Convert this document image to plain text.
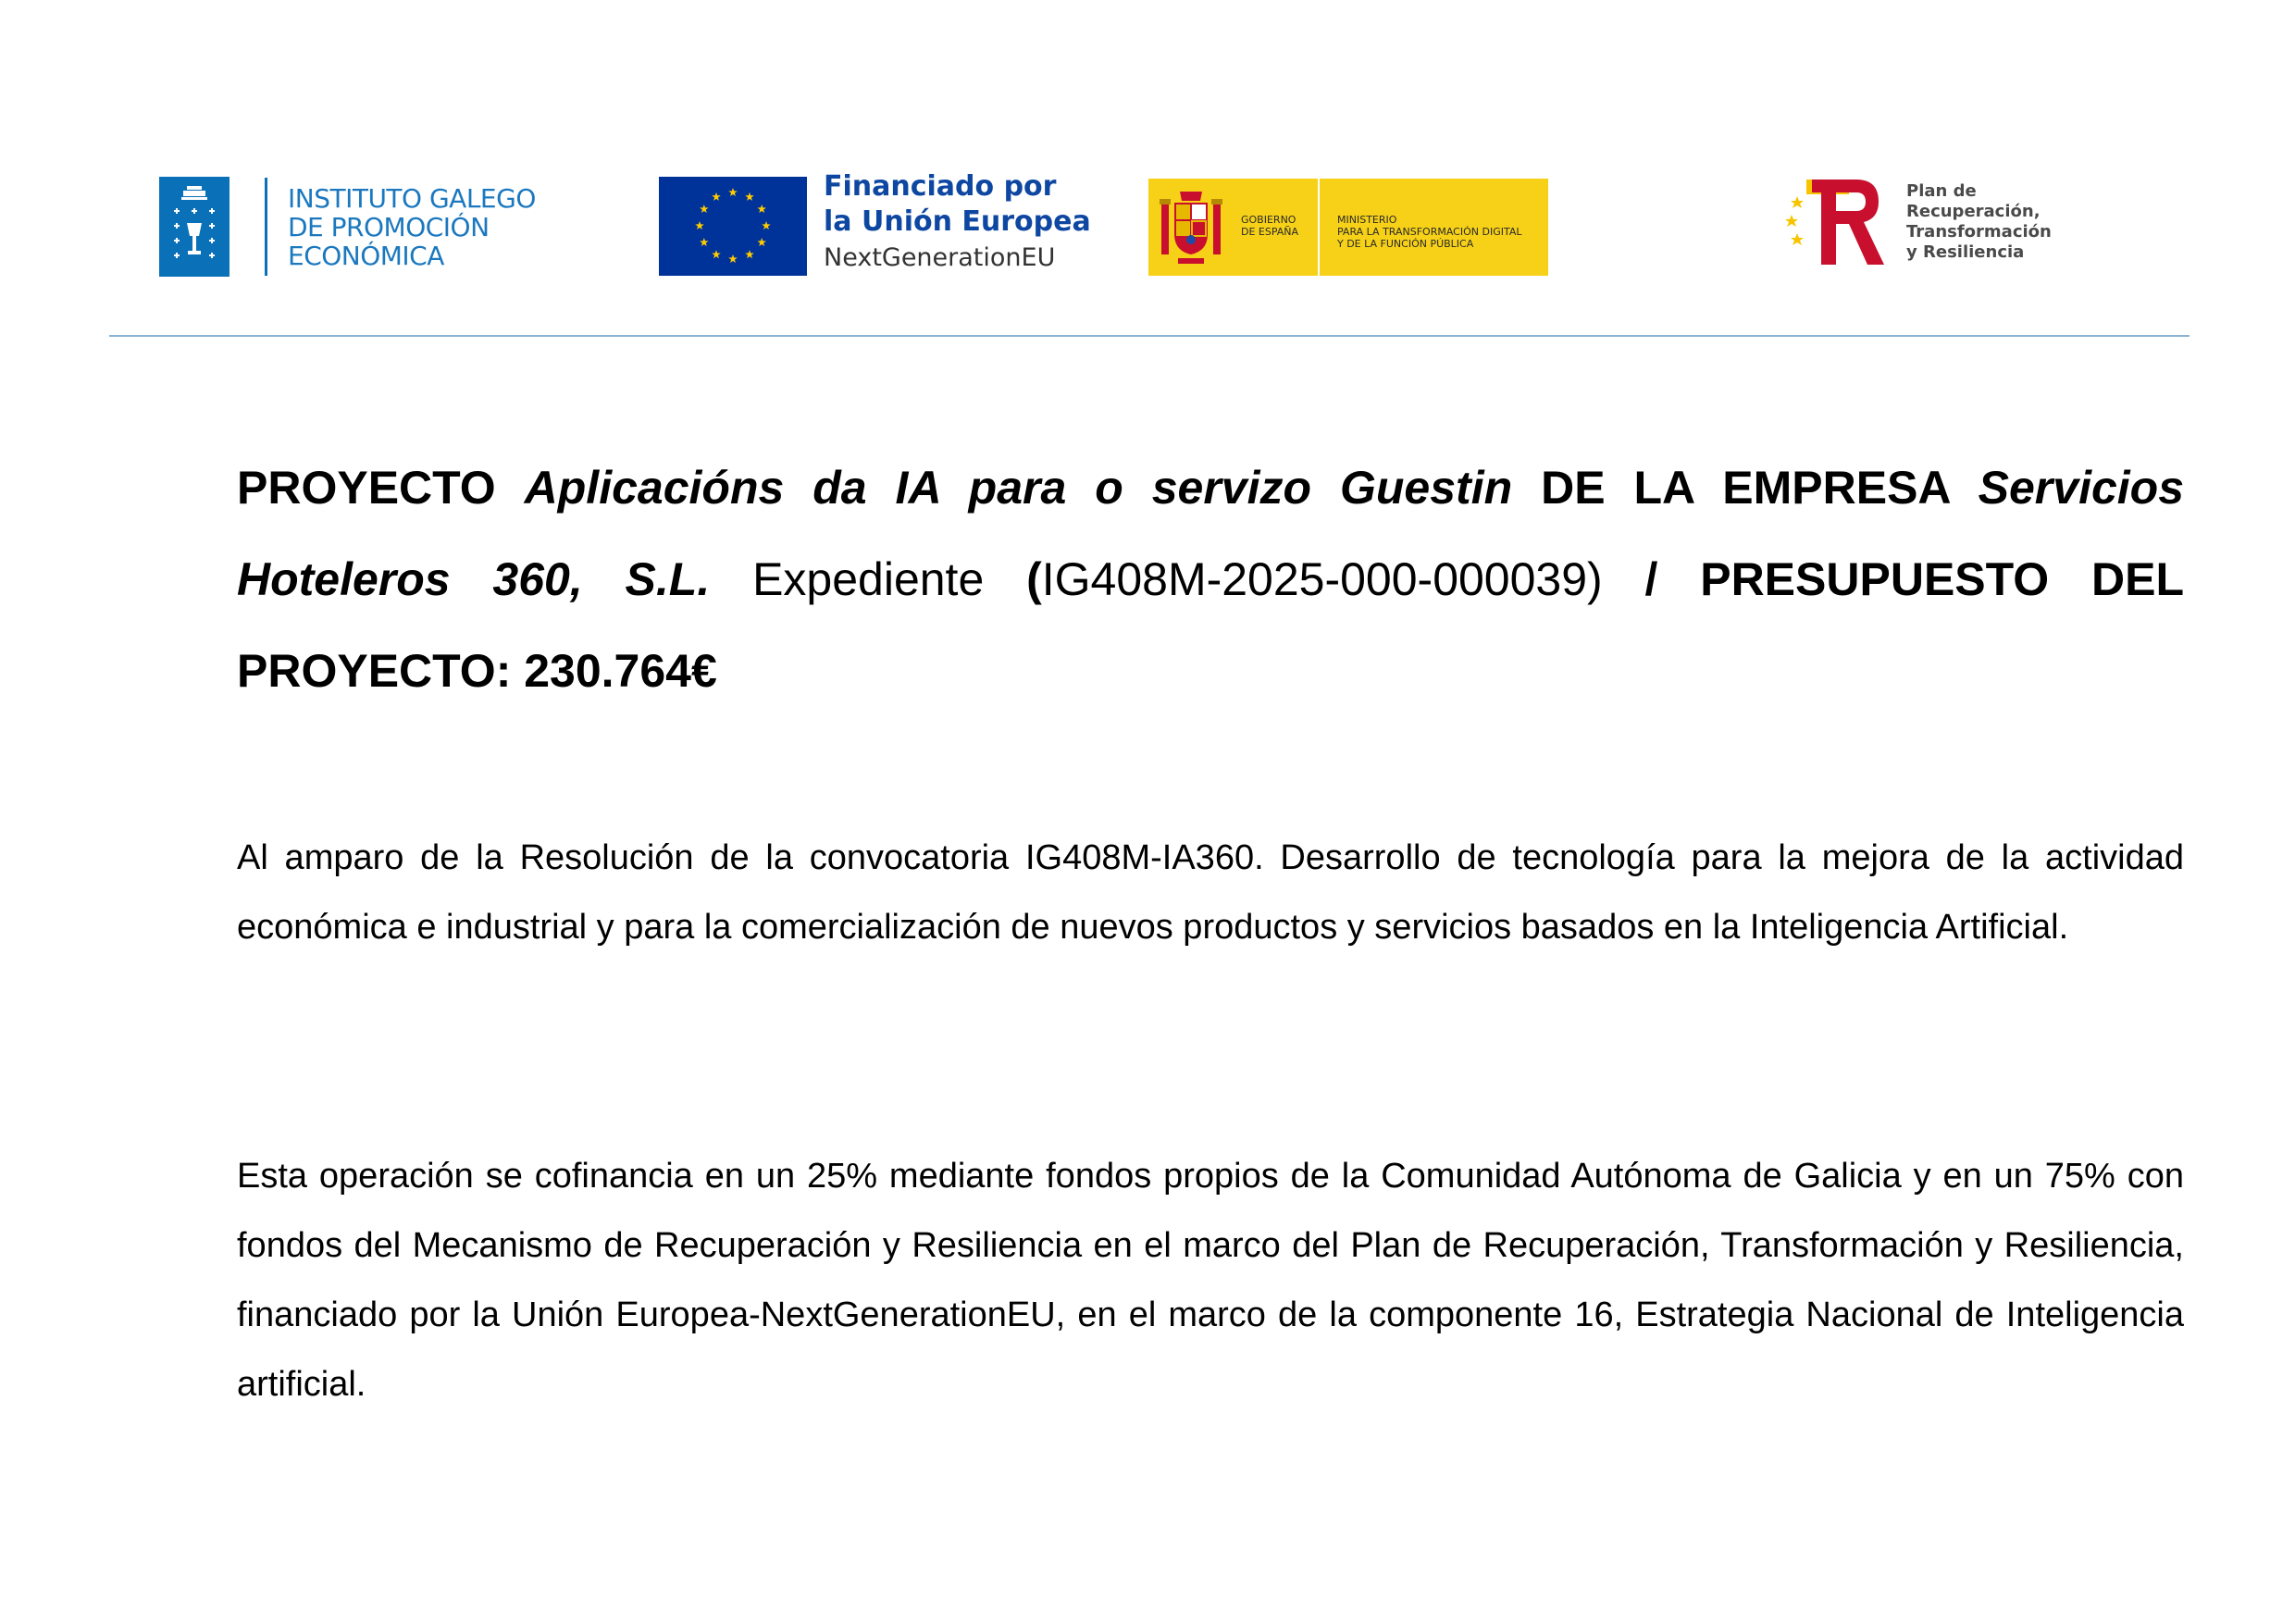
INSTITUTO GALEGO
DE PROMOCIÓN
ECONÓMICA
Financiado por
la Unión Europea
NextGenerationEU
GOBIERNO
DE ESPAÑA
MINISTERIO
PARA LA TRANSFORMACIÓN DIGITAL
Y DE LA FUNCIÓN PÚBLICA
Plan de
Recuperación,
Transformación
y Resiliencia
PROYECTO Aplicacións da IA para o servizo Guestin DE LA EMPRESA Servicios Hoteleros 360, S.L. Expediente (IG408M-2025-000-000039) / PRESUPUESTO DEL PROYECTO: 230.764€
Al amparo de la Resolución de la convocatoria IG408M-IA360. Desarrollo de tecnología para la mejora de la actividad económica e industrial y para la comercialización de nuevos productos y servicios basados en la Inteligencia Artificial.
Esta operación se cofinancia en un 25% mediante fondos propios de la Comunidad Autónoma de Galicia y en un 75% con fondos del Mecanismo de Recuperación y Resiliencia en el marco del Plan de Recuperación, Transformación y Resiliencia, financiado por la Unión Europea-NextGenerationEU, en el marco de la componente 16, Estrategia Nacional de Inteligencia artificial.
